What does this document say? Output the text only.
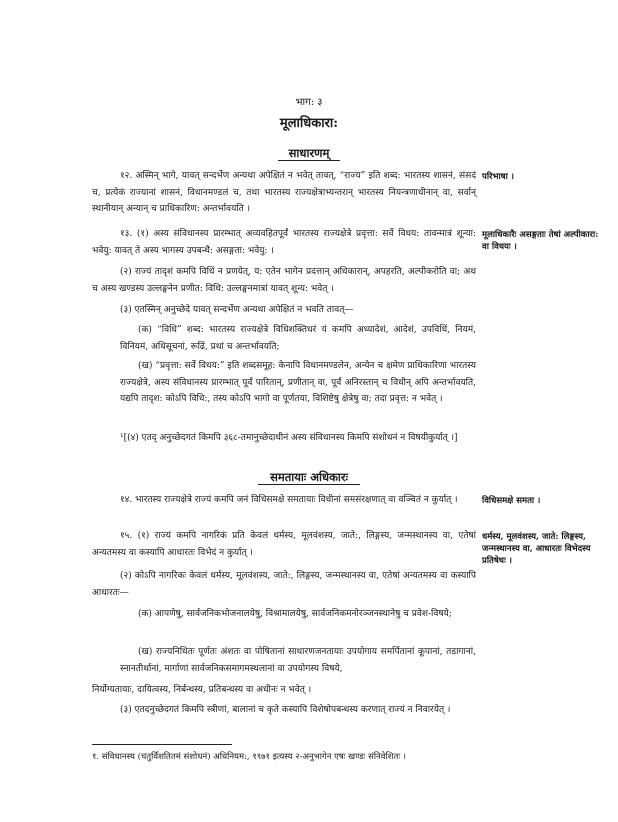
भाग: ३
मूलाधिकारा:
साधारणम्

१२. अस्मिन् भागे, यावत् सन्दर्भेण अन्यथा अपेक्षितं न भवेत् तावत्, “राज्य” इति शब्द: भारतस्य शासनं, संसदं च, प्रत्येकं राज्यानां शासनं, विधानमण्डलं च, तथा भारतस्य राज्यक्षेत्राभ्यन्तरान् भारतस्य नियन्त्रणाधीनान् वा, सर्वान् स्थानीयान् अन्यान् च प्राधिकारिण: अन्तर्भावयति ।

१३. (१) अस्य संविधानस्य प्रारम्भात् अव्यवहितपूर्वं भारतस्य राज्यक्षेत्रे प्रवृत्ता: सर्वे विधय: तावन्मात्रं शून्या: भवेयु: यावत् ते अस्य भागस्य उपबन्धै: असङ्गता: भवेयु: ।

(२) राज्यं तादृशं कमपि विधिं न प्रणयेत्, य: एतेन भागेन प्रदत्तान् अधिकारान्, अपहरति, अल्पीकरोति वा; अथ च अस्य खण्डस्य उल्लङ्घनेन प्रणीत: विधि: उल्लङ्घनमात्रां यावत् शून्य: भवेत् ।

(३) एतस्मिन् अनुच्छेदे यावत् सन्दर्भेण अन्यथा अपेक्षितं न भवति तावत्—

(क) “विधि” शब्द: भारतस्य राज्यक्षेत्रे विधिशक्तिधरं यं कमपि अध्यादेशं, आदेशं, उपविधिं, नियमं, विनियमं, अधिसूचनां, रूढिं, प्रथां च अन्तर्भावयति;

(ख) “प्रवृत्ता: सर्वे विधय:” इति शब्दसमूह: केनापि विधानमण्डलेन, अन्येन च क्षमेण प्राधिकारिणा भारतस्य राज्यक्षेत्रे, अस्य संविधानस्य प्रारम्भात् पूर्वं पारितान्, प्रणीतान् वा, पूर्वं अनिरस्तान् च विधीन् अपि अन्तर्भावयति, यद्यपि तादृश: कोऽपि विधि:, तस्य कोऽपि भागो वा पूर्णतया, विशिष्टेषु क्षेत्रेषु वा; तदा प्रवृत्त: न भवेत् ।

¹[(४) एतद् अनुच्छेदगतं किमपि ३६८-तमानुच्छेदाधीनं अस्य संविधानस्य किमपि संशोधनं न विषयीकुर्यात् ।]

समतायाः अधिकारः

१४. भारतस्य राज्यक्षेत्रे राज्यं कमपि जनं विधिसमक्षे समतायाः विधीनां समसंरक्षणात् वा वञ्चितं न कुर्यात् ।

१५. (१) राज्यं कमपि नागरिकं प्रति केवलं धर्मस्य, मूलवंशस्य, जाते:, लिङ्गस्य, जन्मस्थानस्य वा, एतेषां अन्यतमस्य वा कस्यापि आधारतः विभेदं न कुर्यात् ।

(२) कोऽपि नागरिकः केवलं धर्मस्य, मूलवंशस्य, जाते:, लिङ्गस्य, जन्मस्थानस्य वा, एतेषां अन्यतमस्य वा कस्यापि आधारतः—

(क) आपणेषु, सार्वजनिकभोजनालयेषु, विश्रामालयेषु, सार्वजनिकमनोरञ्जनस्थानेषु च प्रवेश-विषये;

(ख) राज्यनिधितः पूर्णतः अंशतः वा पोषितानां साधारणजनतायाः उपयोगाय समर्पितानां कूपानां, तडागानां, स्नानतीर्थानां, मार्गाणां सार्वजनिकसमागमस्थलानां वा उपयोगस्य विषये,

निर्योग्यतायाः, दायित्वस्य, निर्बन्धस्य, प्रतिबन्धस्य वा अधीनः न भवेत् ।

(३) एतदनुच्छेदगतं किमपि स्त्रीणां, बालानां च कृते कस्यापि विशेषोपबन्धस्य करणात् राज्यं न निवारयेत् ।

परिभाषा ।

मूलाधिकारैः असङ्गताः तेषां अल्पीकारा: वा विधयः ।

विधिसमक्षे समता ।

धर्मस्य, मूलवंशस्य, जाते: लिङ्गस्य, जन्मस्थानस्य वा, आधारतः विभेदस्य प्रतिषेधः ।

१. संविधानस्य (चतुर्विंशतितमं संशोधनं) अधिनियम:, १९७१ इत्यस्य २-अनुभागेन एषः खण्डः संनिवेशितः ।
